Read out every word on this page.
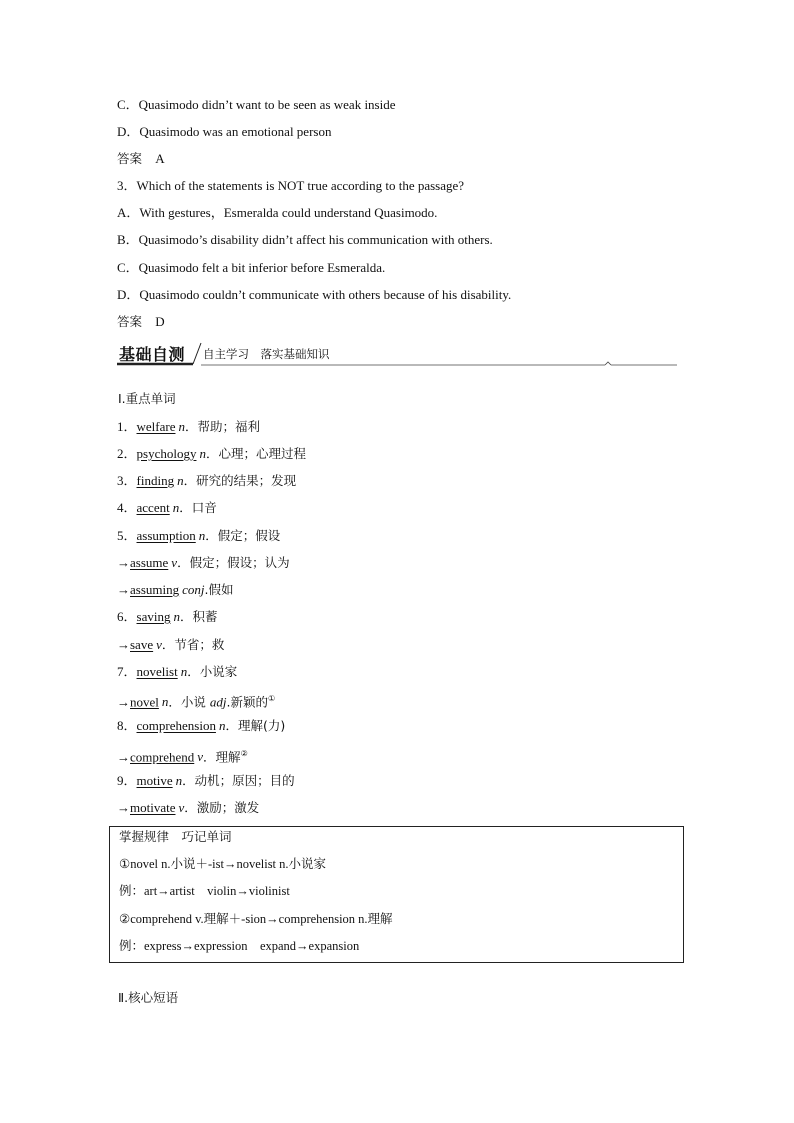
C．Quasimodo didn’t want to be seen as weak inside
D．Quasimodo was an emotional person
答案 A
3．Which of the statements is NOT true according to the passage?
A．With gestures，Esmeralda could understand Quasimodo.
B．Quasimodo’s disability didn’t affect his communication with others.
C．Quasimodo felt a bit inferior before Esmeralda.
D．Quasimodo couldn’t communicate with others because of his disability.
答案 D
基础自测 自主学习　落实基础知识
Ⅰ.重点单词
1．welfare n．帮助；福利
2．psychology n．心理；心理过程
3．finding n．研究的结果；发现
4．accent n．口音
5．assumption n．假定；假设
→assume v．假定；假设；认为
→assuming conj.假如
6．saving n．积蓄
→save v．节省；救
7．novelist n．小说家
→novel n．小说 adj.新颖的①
8．comprehension n．理解(力)
→comprehend v．理解②
9．motive n．动机；原因；目的
→motivate v．激励；激发
掌握规律　巧记单词
①novel n.小说＋-ist→novelist n.小说家
例：art→artist　violin→violinist
②comprehend v.理解＋-sion→comprehension n.理解
例：express→expression　expand→expansion
Ⅱ.核心短语
